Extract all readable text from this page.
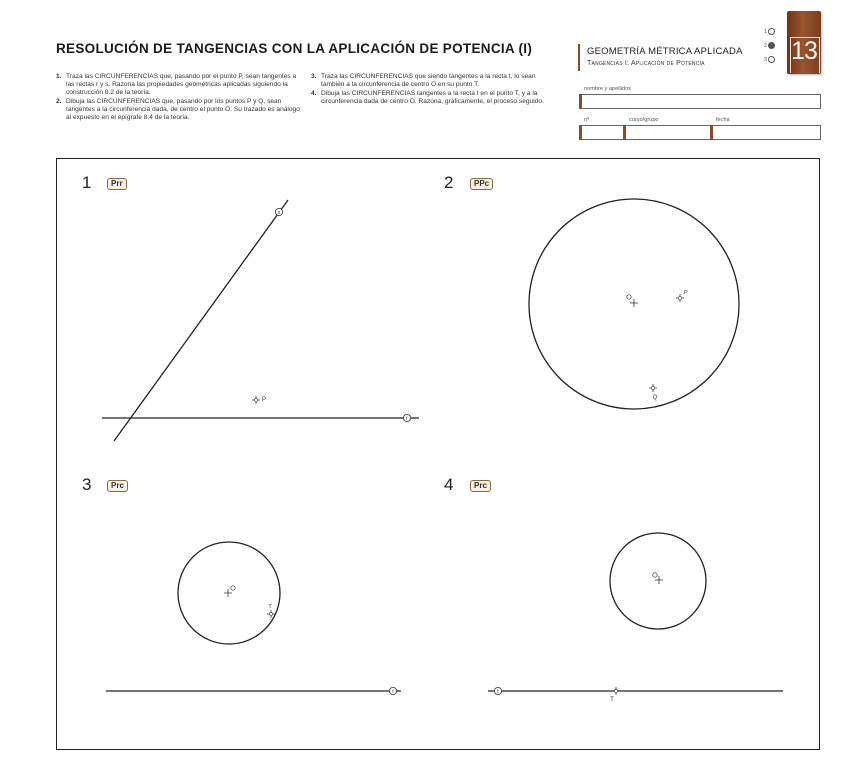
RESOLUCIÓN DE TANGENCIAS CON LA APLICACIÓN DE POTENCIA (I)
1. Traza las CIRCUNFERENCIAS que, pasando por el punto P, sean tangentes a las rectas r y s. Razona las propiedades geométricas aplicadas siguiendo la construcción 8.2 de la teoría.
2. Dibuja las CIRCUNFERENCIAS que, pasando por los puntos P y Q, sean tangentes a la circunferencia dada, de centro el punto O. Su trazado es análogo al expuesto en el epígrafe 8.4 de la teoría.
3. Traza las CIRCUNFERENCIAS que siendo tangentes a la recta t, lo sean también a la circunferencia de centro O en su punto T.
4. Dibuja las CIRCUNFERENCIAS tangentes a la recta t en el punto T, y a la circunferencia dada de centro O. Razona, gráficamente, el proceso seguido.
GEOMETRÍA MÉTRICA APLICADA
Tangencias I: Aplicación de Potencia
1
2
3 13
nombre y apellidos
nº	curso/grupo	fecha
1	Prr	2	PPc
3	Prc	4	Prc
s
r
P
P
Q
T
t	t
T
